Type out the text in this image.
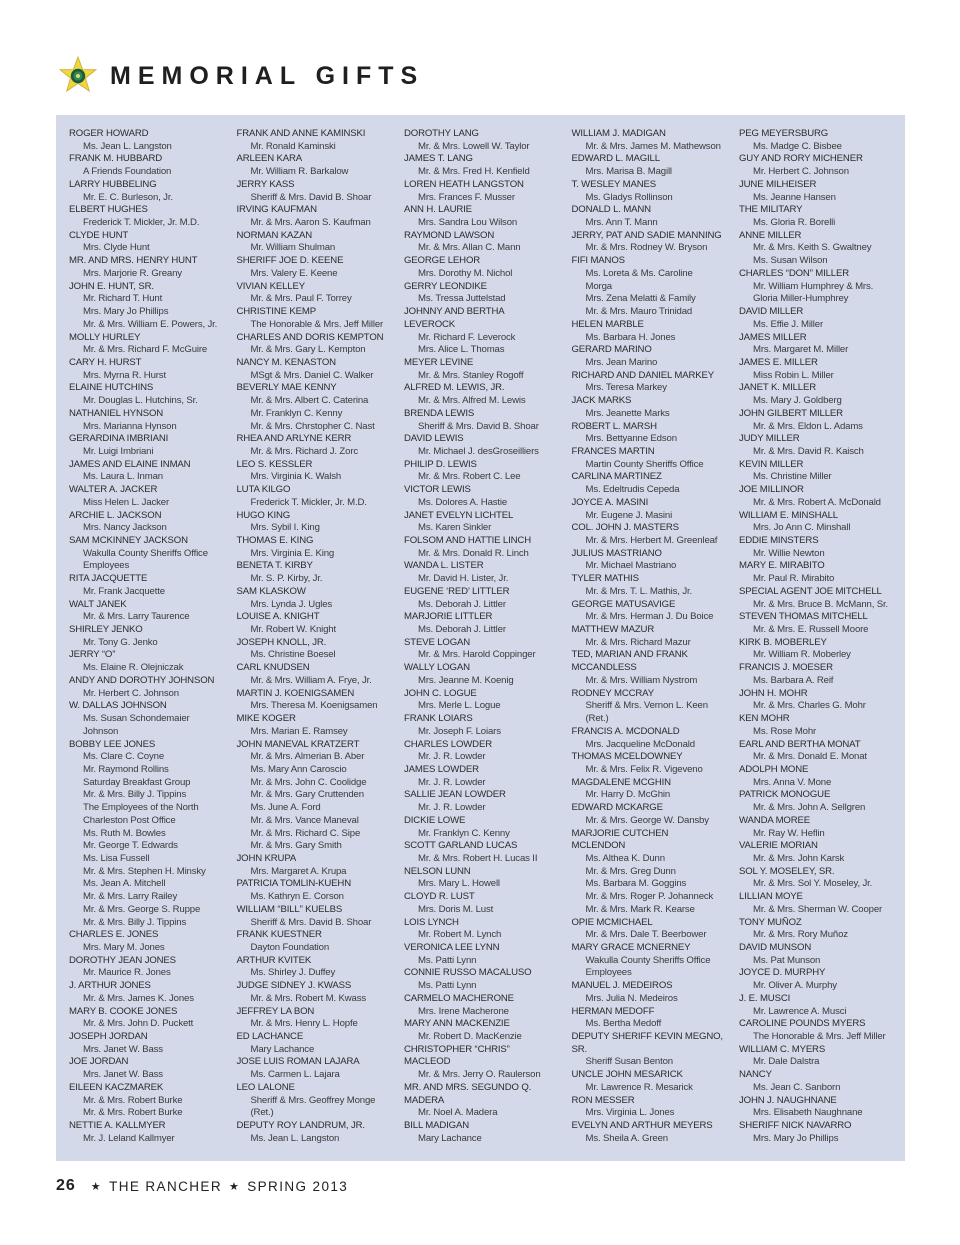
MEMORIAL GIFTS
ROGER HOWARD
Ms. Jean L. Langston
FRANK M. HUBBARD
A Friends Foundation
LARRY HUBBELING
Mr. E. C. Burleson, Jr.
ELBERT HUGHES
Frederick T. Mickler, Jr. M.D.
CLYDE HUNT
Mrs. Clyde Hunt
MR. AND MRS. HENRY HUNT
Mrs. Marjorie R. Greany
JOHN E. HUNT, SR.
Mr. Richard T. Hunt
Mrs. Mary Jo Phillips
Mr. & Mrs. William E. Powers, Jr.
MOLLY HURLEY
Mr. & Mrs. Richard F. McGuire
CARY H. HURST
Mrs. Myrna R. Hurst
ELAINE HUTCHINS
Mr. Douglas L. Hutchins, Sr.
NATHANIEL HYNSON
Mrs. Marianna Hynson
GERARDINA IMBRIANI
Mr. Luigi Imbriani
JAMES AND ELAINE INMAN
Ms. Laura L. Inman
WALTER A. JACKER
Miss Helen L. Jacker
ARCHIE L. JACKSON
Mrs. Nancy Jackson
SAM MCKINNEY JACKSON
Wakulla County Sheriffs Office
Employees
RITA JACQUETTE
Mr. Frank Jacquette
WALT JANEK
Mr. & Mrs. Larry Taurence
SHIRLEY JENKO
Mr. Tony G. Jenko
JERRY “O”
Ms. Elaine R. Olejniczak
ANDY AND DOROTHY JOHNSON
Mr. Herbert C. Johnson
W. DALLAS JOHNSON
Ms. Susan Schondemaier
Johnson
BOBBY LEE JONES
Ms. Clare C. Coyne
Mr. Raymond Rollins
Saturday Breakfast Group
Mr. & Mrs. Billy J. Tippins
The Employees of the North
Charleston Post Office
Ms. Ruth M. Bowles
Mr. George T. Edwards
Ms. Lisa Fussell
Mr. & Mrs. Stephen H. Minsky
Ms. Jean A. Mitchell
Mr. & Mrs. Larry Railey
Mr. & Mrs. George S. Ruppe
Mr. & Mrs. Billy J. Tippins
CHARLES E. JONES
Mrs. Mary M. Jones
DOROTHY JEAN JONES
Mr. Maurice R. Jones
J. ARTHUR JONES
Mr. & Mrs. James K. Jones
MARY B. COOKE JONES
Mr. & Mrs. John D. Puckett
JOSEPH JORDAN
Mrs. Janet W. Bass
JOE JORDAN
Mrs. Janet W. Bass
EILEEN KACZMAREK
Mr. & Mrs. Robert Burke
Mr. & Mrs. Robert Burke
NETTIE A. KALLMYER
Mr. J. Leland Kallmyer
FRANK AND ANNE KAMINSKI
Mr. Ronald Kaminski
ARLEEN KARA
Mr. William R. Barkalow
JERRY KASS
Sheriff & Mrs. David B. Shoar
IRVING KAUFMAN
Mr. & Mrs. Aaron S. Kaufman
NORMAN KAZAN
Mr. William Shulman
SHERIFF JOE D. KEENE
Mrs. Valery E. Keene
VIVIAN KELLEY
Mr. & Mrs. Paul F. Torrey
CHRISTINE KEMP
The Honorable & Mrs. Jeff Miller
CHARLES AND DORIS KEMPTON
Mr. & Mrs. Gary L. Kempton
NANCY M. KENASTON
MSgt & Mrs. Daniel C. Walker
BEVERLY MAE KENNY
Mr. & Mrs. Albert C. Caterina
Mr. Franklyn C. Kenny
Mr. & Mrs. Chrstopher C. Nast
RHEA AND ARLYNE KERR
Mr. & Mrs. Richard J. Zorc
LEO S. KESSLER
Mrs. Virginia K. Walsh
LUTA KILGO
Frederick T. Mickler, Jr. M.D.
HUGO KING
Mrs. Sybil I. King
THOMAS E. KING
Mrs. Virginia E. King
BENETA T. KIRBY
Mr. S. P. Kirby, Jr.
SAM KLASKOW
Mrs. Lynda J. Ugles
LOUISE A. KNIGHT
Mr. Robert W. Knight
JOSEPH KNOLL, JR.
Ms. Christine Boesel
CARL KNUDSEN
Mr. & Mrs. William A. Frye, Jr.
MARTIN J. KOENIGSAMEN
Mrs. Theresa M. Koenigsamen
MIKE KOGER
Mrs. Marian E. Ramsey
JOHN MANEVAL KRATZERT
Mr. & Mrs. Almerian B. Aber
Ms. Mary Ann Caroscio
Mr. & Mrs. John C. Coolidge
Mr. & Mrs. Gary Cruttenden
Ms. June A. Ford
Mr. & Mrs. Vance Maneval
Mr. & Mrs. Richard C. Sipe
Mr. & Mrs. Gary Smith
JOHN KRUPA
Mrs. Margaret A. Krupa
PATRICIA TOMLIN-KUEHN
Ms. Kathryn E. Corson
WILLIAM “BILL” KUELBS
Sheriff & Mrs. David B. Shoar
FRANK KUESTNER
Dayton Foundation
ARTHUR KVITEK
Ms. Shirley J. Duffey
JUDGE SIDNEY J. KWASS
Mr. & Mrs. Robert M. Kwass
JEFFREY LA BON
Mr. & Mrs. Henry L. Hopfe
ED LACHANCE
Mary Lachance
JOSE LUIS ROMAN LAJARA
Ms. Carmen L. Lajara
LEO LALONE
Sheriff & Mrs. Geoffrey Monge
(Ret.)
DEPUTY ROY LANDRUM, JR.
Ms. Jean L. Langston
DOROTHY LANG
Mr. & Mrs. Lowell W. Taylor
JAMES T. LANG
Mr. & Mrs. Fred H. Kenfield
LOREN HEATH LANGSTON
Mrs. Frances F. Musser
ANN H. LAURIE
Mrs. Sandra Lou Wilson
RAYMOND LAWSON
Mr. & Mrs. Allan C. Mann
GEORGE LEHOR
Mrs. Dorothy M. Nichol
GERRY LEONDIKE
Ms. Tressa Juttelstad
JOHNNY AND BERTHA
LEVEROCK
Mr. Richard F. Leverock
Mrs. Alice L. Thomas
MEYER LEVINE
Mr. & Mrs. Stanley Rogoff
ALFRED M. LEWIS, JR.
Mr. & Mrs. Alfred M. Lewis
BRENDA LEWIS
Sheriff & Mrs. David B. Shoar
DAVID LEWIS
Mr. Michael J. desGroseilliers
PHILIP D. LEWIS
Mr. & Mrs. Robert C. Lee
VICTOR LEWIS
Ms. Dolores A. Hastie
JANET EVELYN LICHTEL
Ms. Karen Sinkler
FOLSOM AND HATTIE LINCH
Mr. & Mrs. Donald R. Linch
WANDA L. LISTER
Mr. David H. Lister, Jr.
EUGENE ‘RED’ LITTLER
Ms. Deborah J. Littler
MARJORIE LITTLER
Ms. Deborah J. Littler
STEVE LOGAN
Mr. & Mrs. Harold Coppinger
WALLY LOGAN
Mrs. Jeanne M. Koenig
JOHN C. LOGUE
Mrs. Merle L. Logue
FRANK LOIARS
Mr. Joseph F. Loiars
CHARLES LOWDER
Mr. J. R. Lowder
JAMES LOWDER
Mr. J. R. Lowder
SALLIE JEAN LOWDER
Mr. J. R. Lowder
DICKIE LOWE
Mr. Franklyn C. Kenny
SCOTT GARLAND LUCAS
Mr. & Mrs. Robert H. Lucas II
NELSON LUNN
Mrs. Mary L. Howell
CLOYD R. LUST
Mrs. Doris M. Lust
LOIS LYNCH
Mr. Robert M. Lynch
VERONICA LEE LYNN
Ms. Patti Lynn
CONNIE RUSSO MACALUSO
Ms. Patti Lynn
CARMELO MACHERONE
Mrs. Irene Macherone
MARY ANN MACKENZIE
Mr. Robert D. MacKenzie
CHRISTOPHER “CHRIS”
MACLEOD
Mr. & Mrs. Jerry O. Raulerson
MR. AND MRS. SEGUNDO Q.
MADERA
Mr. Noel A. Madera
BILL MADIGAN
Mary Lachance
WILLIAM J. MADIGAN
Mr. & Mrs. James M. Mathewson
EDWARD L. MAGILL
Mrs. Marisa B. Magill
T. WESLEY MANES
Ms. Gladys Rollinson
DONALD L. MANN
Mrs. Ann T. Mann
JERRY, PAT AND SADIE MANNING
Mr. & Mrs. Rodney W. Bryson
FIFI MANOS
Ms. Loreta & Ms. Caroline
Morga
Mrs. Zena Melatti & Family
Mr. & Mrs. Mauro Trinidad
HELEN MARBLE
Ms. Barbara H. Jones
GERARD MARINO
Mrs. Jean Marino
RICHARD AND DANIEL MARKEY
Mrs. Teresa Markey
JACK MARKS
Mrs. Jeanette Marks
ROBERT L. MARSH
Mrs. Bettyanne Edson
FRANCES MARTIN
Martin County Sheriffs Office
CARLINA MARTINEZ
Ms. Edeltrudis Cepeda
JOYCE A. MASINI
Mr. Eugene J. Masini
COL. JOHN J. MASTERS
Mr. & Mrs. Herbert M. Greenleaf
JULIUS MASTRIANO
Mr. Michael Mastriano
TYLER MATHIS
Mr. & Mrs. T. L. Mathis, Jr.
GEORGE MATUSAVIGE
Mr. & Mrs. Herman J. Du Boice
MATTHEW MAZUR
Mr. & Mrs. Richard Mazur
TED, MARIAN AND FRANK
MCCANDLESS
Mr. & Mrs. William Nystrom
RODNEY MCCRAY
Sheriff & Mrs. Vernon L. Keen
(Ret.)
FRANCIS A. MCDONALD
Mrs. Jacqueline McDonald
THOMAS MCELDOWNEY
Mr. & Mrs. Felix R. Vigeveno
MAGDALENE MCGHIN
Mr. Harry D. McGhin
EDWARD MCKARGE
Mr. & Mrs. George W. Dansby
MARJORIE CUTCHEN
MCLENDON
Ms. Althea K. Dunn
Mr. & Mrs. Greg Dunn
Ms. Barbara M. Goggins
Mr. & Mrs. Roger P. Johanneck
Mr. & Mrs. Mark R. Kearse
OPIE MCMICHAEL
Mr. & Mrs. Dale T. Beerbower
MARY GRACE MCNERNEY
Wakulla County Sheriffs Office
Employees
MANUEL J. MEDEIROS
Mrs. Julia N. Medeiros
HERMAN MEDOFF
Ms. Bertha Medoff
DEPUTY SHERIFF KEVIN MEGNO,
SR.
Sheriff Susan Benton
UNCLE JOHN MESARICK
Mr. Lawrence R. Mesarick
RON MESSER
Mrs. Virginia L. Jones
EVELYN AND ARTHUR MEYERS
Ms. Sheila A. Green
PEG MEYERSBURG
Ms. Madge C. Bisbee
GUY AND RORY MICHENER
Mr. Herbert C. Johnson
JUNE MILHEISER
Ms. Jeanne Hansen
THE MILITARY
Ms. Gloria R. Borelli
ANNE MILLER
Mr. & Mrs. Keith S. Gwaltney
Ms. Susan Wilson
CHARLES “DON” MILLER
Mr. William Humphrey & Mrs.
Gloria Miller-Humphrey
DAVID MILLER
Ms. Effie J. Miller
JAMES MILLER
Mrs. Margaret M. Miller
JAMES E. MILLER
Miss Robin L. Miller
JANET K. MILLER
Ms. Mary J. Goldberg
JOHN GILBERT MILLER
Mr. & Mrs. Eldon L. Adams
JUDY MILLER
Mr. & Mrs. David R. Kaisch
KEVIN MILLER
Ms. Christine Miller
JOE MILLINOR
Mr. & Mrs. Robert A. McDonald
WILLIAM E. MINSHALL
Mrs. Jo Ann C. Minshall
EDDIE MINSTERS
Mr. Willie Newton
MARY E. MIRABITO
Mr. Paul R. Mirabito
SPECIAL AGENT JOE MITCHELL
Mr. & Mrs. Bruce B. McMann, Sr.
STEVEN THOMAS MITCHELL
Mr. & Mrs. E. Russell Moore
KIRK B. MOBERLEY
Mr. William R. Moberley
FRANCIS J. MOESER
Ms. Barbara A. Reif
JOHN H. MOHR
Mr. & Mrs. Charles G. Mohr
KEN MOHR
Ms. Rose Mohr
EARL AND BERTHA MONAT
Mr. & Mrs. Donald E. Monat
ADOLPH MONE
Mrs. Anna V. Mone
PATRICK MONOGUE
Mr. & Mrs. John A. Sellgren
WANDA MOREE
Mr. Ray W. Heflin
VALERIE MORIAN
Mr. & Mrs. John Karsk
SOL Y. MOSELEY, SR.
Mr. & Mrs. Sol Y. Moseley, Jr.
LILLIAN MOYE
Mr. & Mrs. Sherman W. Cooper
TONY MUÑOZ
Mr. & Mrs. Rory Muñoz
DAVID MUNSON
Ms. Pat Munson
JOYCE D. MURPHY
Mr. Oliver A. Murphy
J. E. MUSCI
Mr. Lawrence A. Musci
CAROLINE POUNDS MYERS
The Honorable & Mrs. Jeff Miller
WILLIAM C. MYERS
Mr. Dale Dalstra
NANCY
Ms. Jean C. Sanborn
JOHN J. NAUGHNANE
Mrs. Elisabeth Naughnane
SHERIFF NICK NAVARRO
Mrs. Mary Jo Phillips
26 ★ THE RANCHER ★ SPRING 2013
